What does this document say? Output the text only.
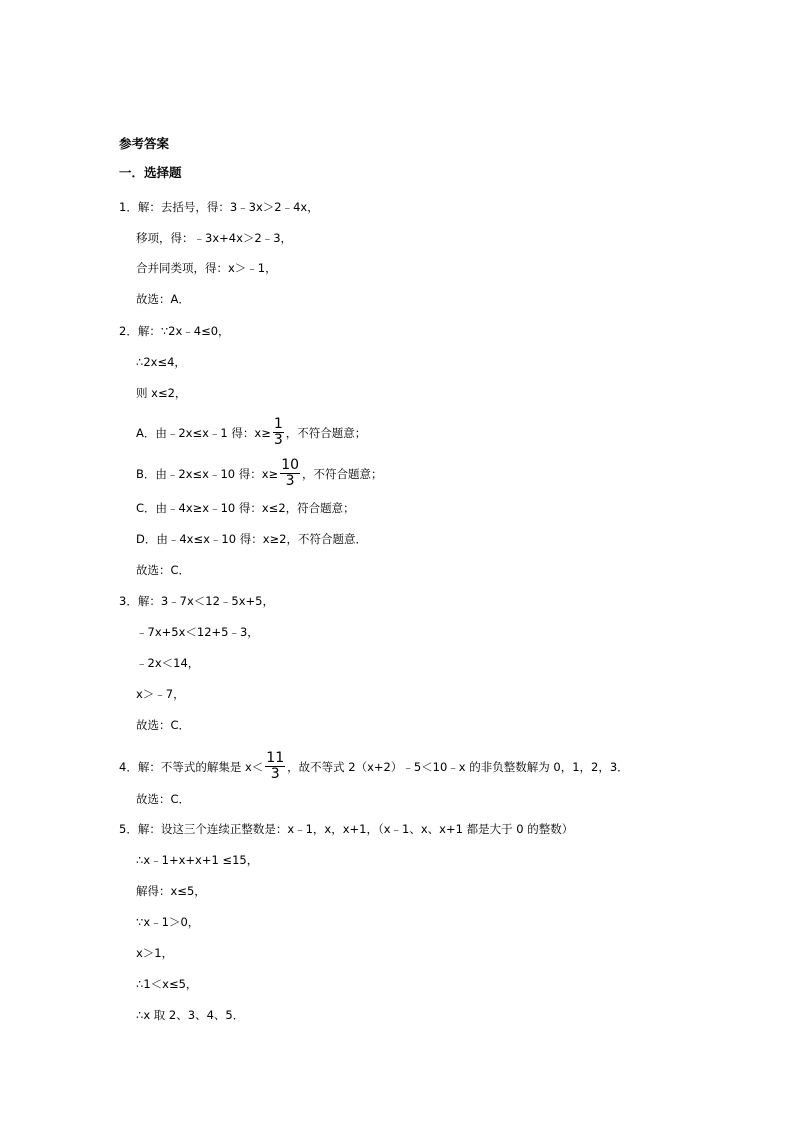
参考答案
一．选择题
1．解：去括号，得：3﹣3x＞2﹣4x，
移项，得：﹣3x+4x＞2﹣3，
合并同类项，得：x＞﹣1，
故选：A．
2．解：∵2x﹣4≤0，
∴2x≤4，
则 x≤2，
A．由﹣2x≤x﹣1 得：$x\ge \frac{1}{3}$ ，不符合题意；
B．由﹣2x≤x﹣10 得：$x\ge \frac{10}{3}$ ，不符合题意；
C．由﹣4x≥x﹣10 得：x≤2，符合题意；
D．由﹣4x≤x﹣10 得：x≥2，不符合题意．
故选：C．
3．解：3﹣7x＜12﹣5x+5，
﹣7x+5x＜12+5﹣3，
﹣2x＜14，
x＞﹣7，
故选：C．
4．解：不等式的解集是 $x< \frac{11}{3}$ ，故不等式 2（x+2）﹣5＜10﹣x 的非负整数解为 0，1，2，3．
故选：C．
5．解：设这三个连续正整数是：x﹣1，x，x+1，（x﹣1、x、x+1 都是大于 0 的整数）
∴x﹣1+x+x+1 ≤15，
解得：x≤5，
∵x﹣1＞0，
x＞1，
∴1＜x≤5，
∴x 取 2、3、4、5．
